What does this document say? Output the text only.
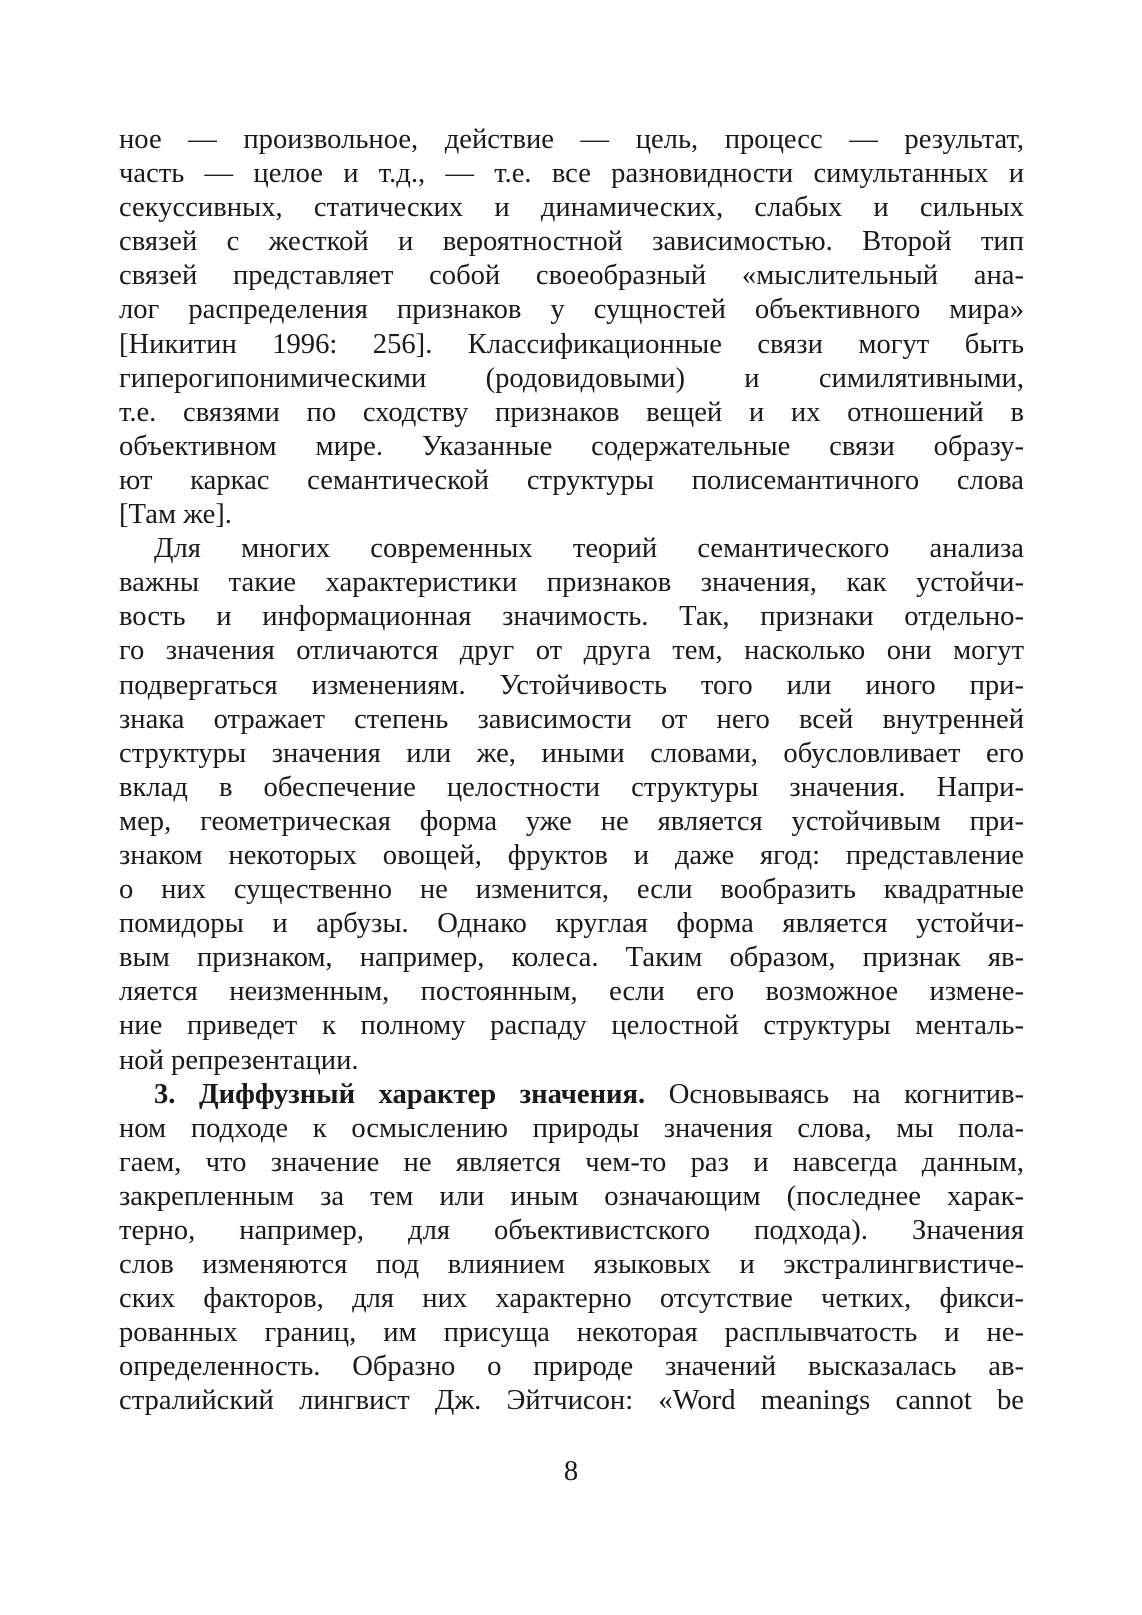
ное — произвольное, действие — цель, процесс — результат,
часть — целое и т.д., — т.е. все разновидности симультанных и
секуссивных, статических и динамических, слабых и сильных
связей с жесткой и вероятностной зависимостью. Второй тип
связей представляет собой своеобразный «мыслительный ана-
лог распределения признаков у сущностей объективного мира»
[Никитин 1996: 256]. Классификационные связи могут быть
гиперогипонимическими (родовидовыми) и симилятивными,
т.е. связями по сходству признаков вещей и их отношений в
объективном мире. Указанные содержательные связи образу-
ют каркас семантической структуры полисемантичного слова
[Там же].
Для многих современных теорий семантического анализа
важны такие характеристики признаков значения, как устойчи-
вость и информационная значимость. Так, признаки отдельно-
го значения отличаются друг от друга тем, насколько они могут
подвергаться изменениям. Устойчивость того или иного при-
знака отражает степень зависимости от него всей внутренней
структуры значения или же, иными словами, обусловливает его
вклад в обеспечение целостности структуры значения. Напри-
мер, геометрическая форма уже не является устойчивым при-
знаком некоторых овощей, фруктов и даже ягод: представление
о них существенно не изменится, если вообразить квадратные
помидоры и арбузы. Однако круглая форма является устойчи-
вым признаком, например, колеса. Таким образом, признак яв-
ляется неизменным, постоянным, если его возможное измене-
ние приведет к полному распаду целостной структуры менталь-
ной репрезентации.
3. Диффузный характер значения. Основываясь на когнитив-
ном подходе к осмыслению природы значения слова, мы пола-
гаем, что значение не является чем-то раз и навсегда данным,
закрепленным за тем или иным означающим (последнее харак-
терно, например, для объективистского подхода). Значения
слов изменяются под влиянием языковых и экстралингвистиче-
ских факторов, для них характерно отсутствие четких, фикси-
рованных границ, им присуща некоторая расплывчатость и не-
определенность. Образно о природе значений высказалась ав-
стралийский лингвист Дж. Эйтчисон: «Word meanings cannot be
8
